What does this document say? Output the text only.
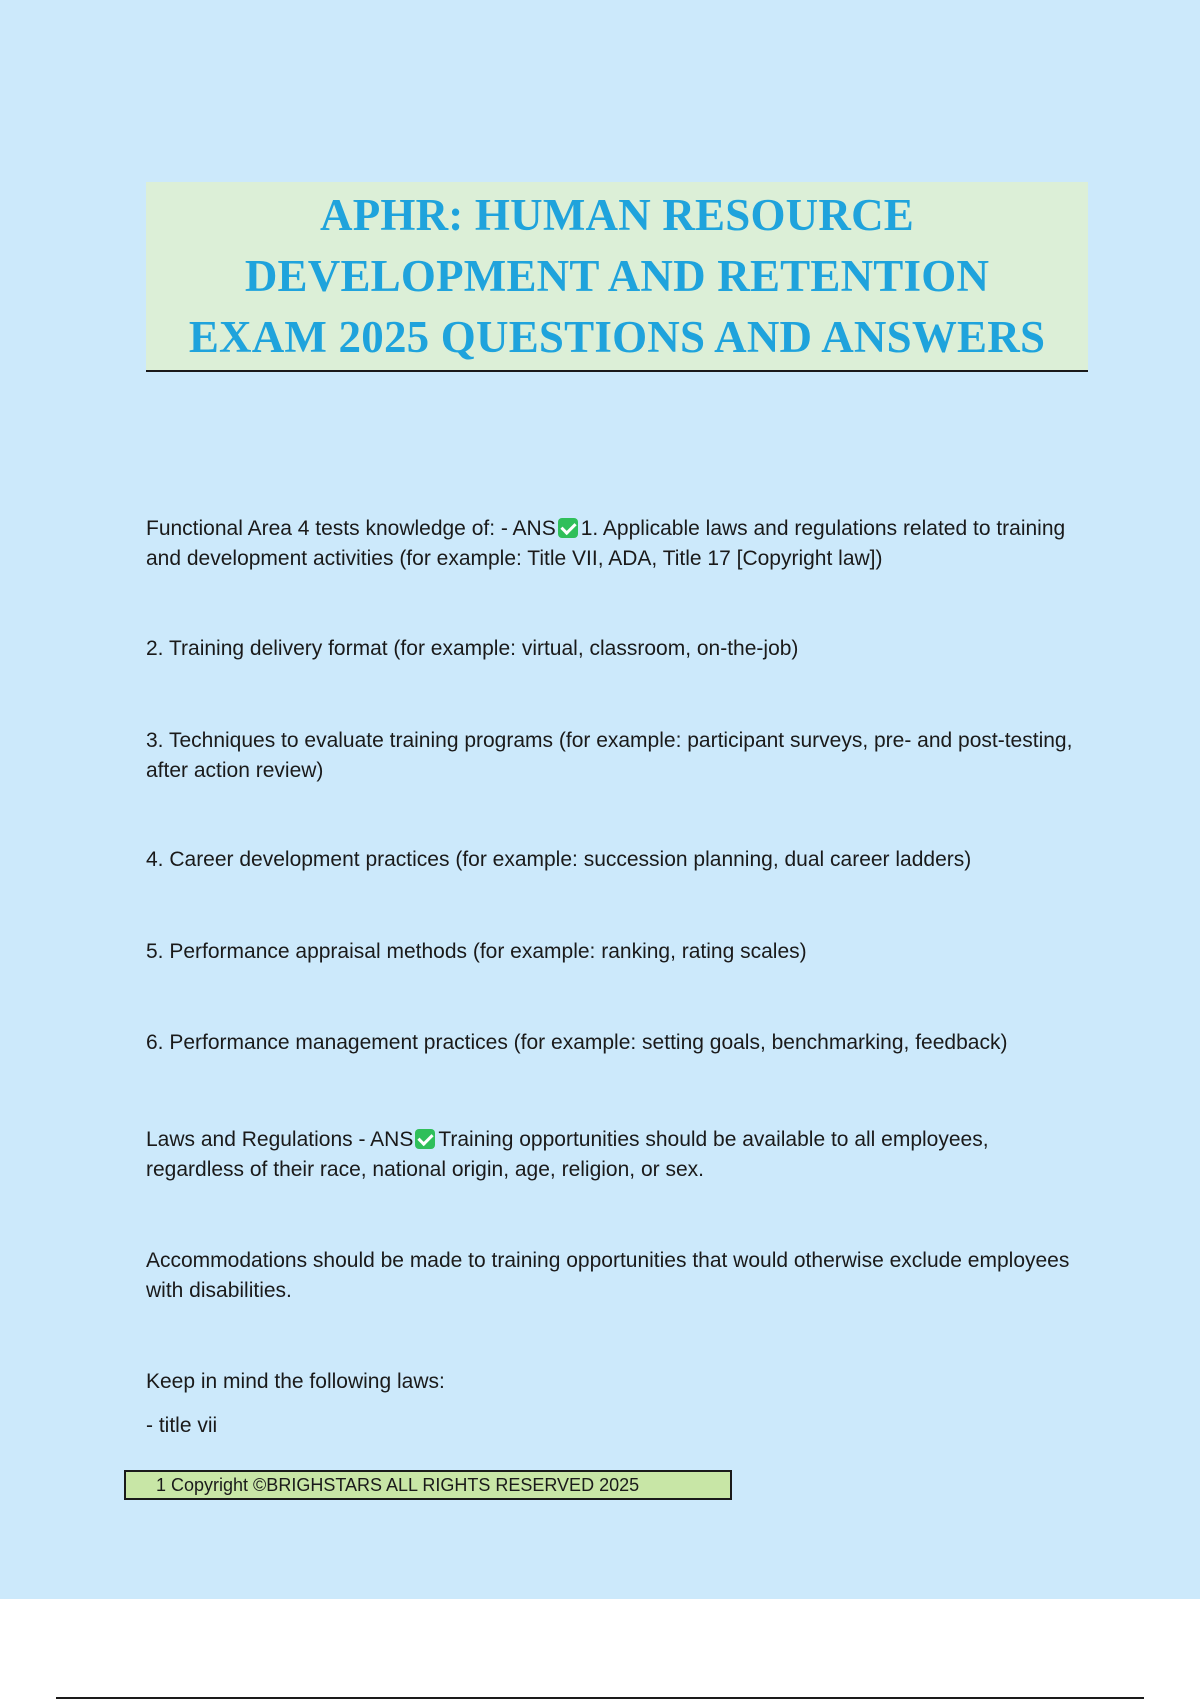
APHR: HUMAN RESOURCE
DEVELOPMENT AND RETENTION
EXAM 2025 QUESTIONS AND ANSWERS

Functional Area 4 tests knowledge of: - ANS 1. Applicable laws and regulations related to training and development activities (for example: Title VII, ADA, Title 17 [Copyright law])

2. Training delivery format (for example: virtual, classroom, on-the-job)

3. Techniques to evaluate training programs (for example: participant surveys, pre- and post-testing, after action review)

4. Career development practices (for example: succession planning, dual career ladders)

5. Performance appraisal methods (for example: ranking, rating scales)

6. Performance management practices (for example: setting goals, benchmarking, feedback)

Laws and Regulations - ANS Training opportunities should be available to all employees, regardless of their race, national origin, age, religion, or sex.

Accommodations should be made to training opportunities that would otherwise exclude employees with disabilities.

Keep in mind the following laws:

- title vii

1 Copyright ©BRIGHSTARS ALL RIGHTS RESERVED 2025
